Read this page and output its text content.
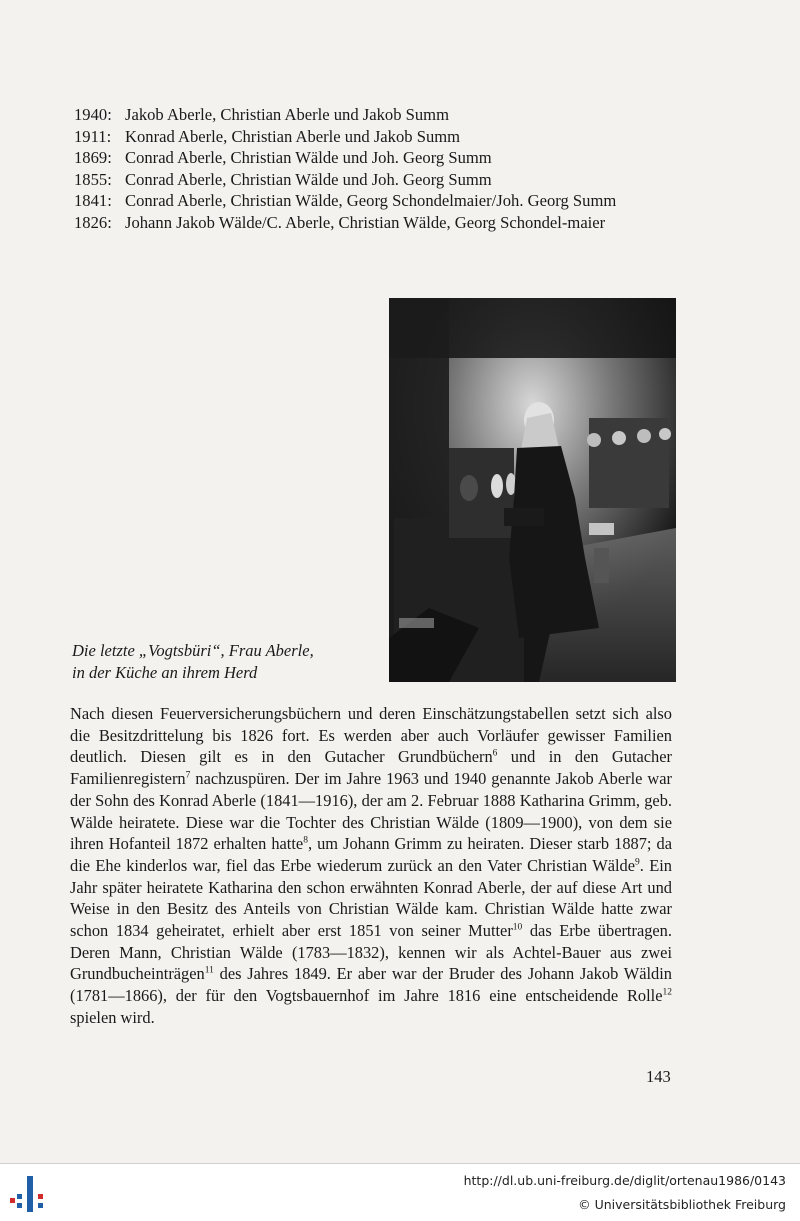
1940: Jakob Aberle, Christian Aberle und Jakob Summ
1911: Konrad Aberle, Christian Aberle und Jakob Summ
1869: Conrad Aberle, Christian Wälde und Joh. Georg Summ
1855: Conrad Aberle, Christian Wälde und Joh. Georg Summ
1841: Conrad Aberle, Christian Wälde, Georg Schondelmaier/Joh. Georg Summ
1826: Johann Jakob Wälde/C. Aberle, Christian Wälde, Georg Schondel-maier
Die letzte „Vogtsbüri“, Frau Aberle,
in der Küche an ihrem Herd
Nach diesen Feuerversicherungsbüchern und deren Einschätzungstabellen setzt sich also die Besitzdrittelung bis 1826 fort. Es werden aber auch Vorläufer gewisser Familien deutlich. Diesen gilt es in den Gutacher Grundbüchern$^6$ und in den Gutacher Familienregistern$^7$ nachzuspüren. Der im Jahre 1963 und 1940 genannte Jakob Aberle war der Sohn des Konrad Aberle (1841—1916), der am 2. Februar 1888 Katharina Grimm, geb. Wälde heiratete. Diese war die Tochter des Christian Wälde (1809—1900), von dem sie ihren Hofanteil 1872 erhalten hatte$^8$, um Johann Grimm zu heiraten. Dieser starb 1887; da die Ehe kinderlos war, fiel das Erbe wiederum zurück an den Vater Christian Wälde$^9$. Ein Jahr später heiratete Katharina den schon erwähnten Konrad Aberle, der auf diese Art und Weise in den Besitz des Anteils von Christian Wälde kam. Christian Wälde hatte zwar schon 1834 geheiratet, erhielt aber erst 1851 von seiner Mutter$^{10}$ das Erbe übertragen. Deren Mann, Christian Wälde (1783—1832), kennen wir als Achtel-Bauer aus zwei Grundbucheinträgen$^{11}$ des Jahres 1849. Er aber war der Bruder des Johann Jakob Wäldin (1781—1866), der für den Vogtsbauernhof im Jahre 1816 eine entscheidende Rolle$^{12}$ spielen wird.
143
http://dl.ub.uni-freiburg.de/diglit/ortenau1986/0143
© Universitätsbibliothek Freiburg
